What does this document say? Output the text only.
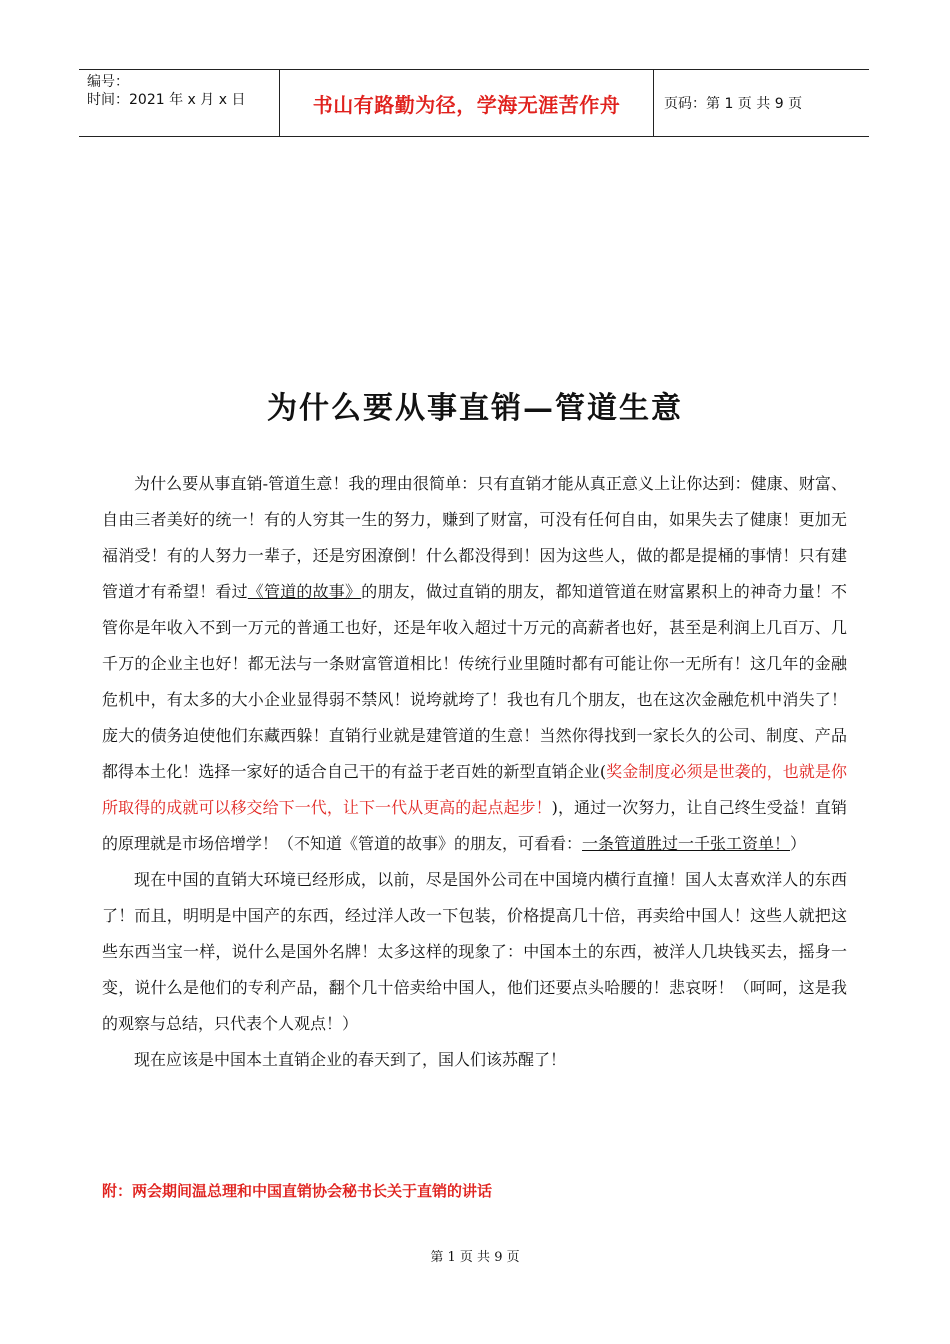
编号：
时间：2021 年 x 月 x 日	书山有路勤为径，学海无涯苦作舟	页码：第 1 页 共 9 页
为什么要从事直销—管道生意

为什么要从事直销-管道生意！我的理由很简单：只有直销才能从真正意义上让你达到：健康、财富、自由三者美好的统一！有的人穷其一生的努力，赚到了财富，可没有任何自由，如果失去了健康！更加无福消受！有的人努力一辈子，还是穷困潦倒！什么都没得到！因为这些人，做的都是提桶的事情！只有建管道才有希望！看过《管道的故事》的朋友，做过直销的朋友，都知道管道在财富累积上的神奇力量！不管你是年收入不到一万元的普通工也好，还是年收入超过十万元的高薪者也好，甚至是利润上几百万、几千万的企业主也好！都无法与一条财富管道相比！传统行业里随时都有可能让你一无所有！这几年的金融危机中，有太多的大小企业显得弱不禁风！说垮就垮了！我也有几个朋友，也在这次金融危机中消失了！庞大的债务迫使他们东藏西躲！直销行业就是建管道的生意！当然你得找到一家长久的公司、制度、产品都得本土化！选择一家好的适合自己干的有益于老百姓的新型直销企业(奖金制度必须是世袭的，也就是你所取得的成就可以移交给下一代，让下一代从更高的起点起步！)，通过一次努力，让自己终生受益！直销的原理就是市场倍增学！（不知道《管道的故事》的朋友，可看看：一条管道胜过一千张工资单！）

现在中国的直销大环境已经形成，以前，尽是国外公司在中国境内横行直撞！国人太喜欢洋人的东西了！而且，明明是中国产的东西，经过洋人改一下包装，价格提高几十倍，再卖给中国人！这些人就把这些东西当宝一样，说什么是国外名牌！太多这样的现象了：中国本土的东西，被洋人几块钱买去，摇身一变，说什么是他们的专利产品，翻个几十倍卖给中国人，他们还要点头哈腰的！悲哀呀！（呵呵，这是我的观察与总结，只代表个人观点！）

现在应该是中国本土直销企业的春天到了，国人们该苏醒了！

附：两会期间温总理和中国直销协会秘书长关于直销的讲话
第 1 页 共 9 页
